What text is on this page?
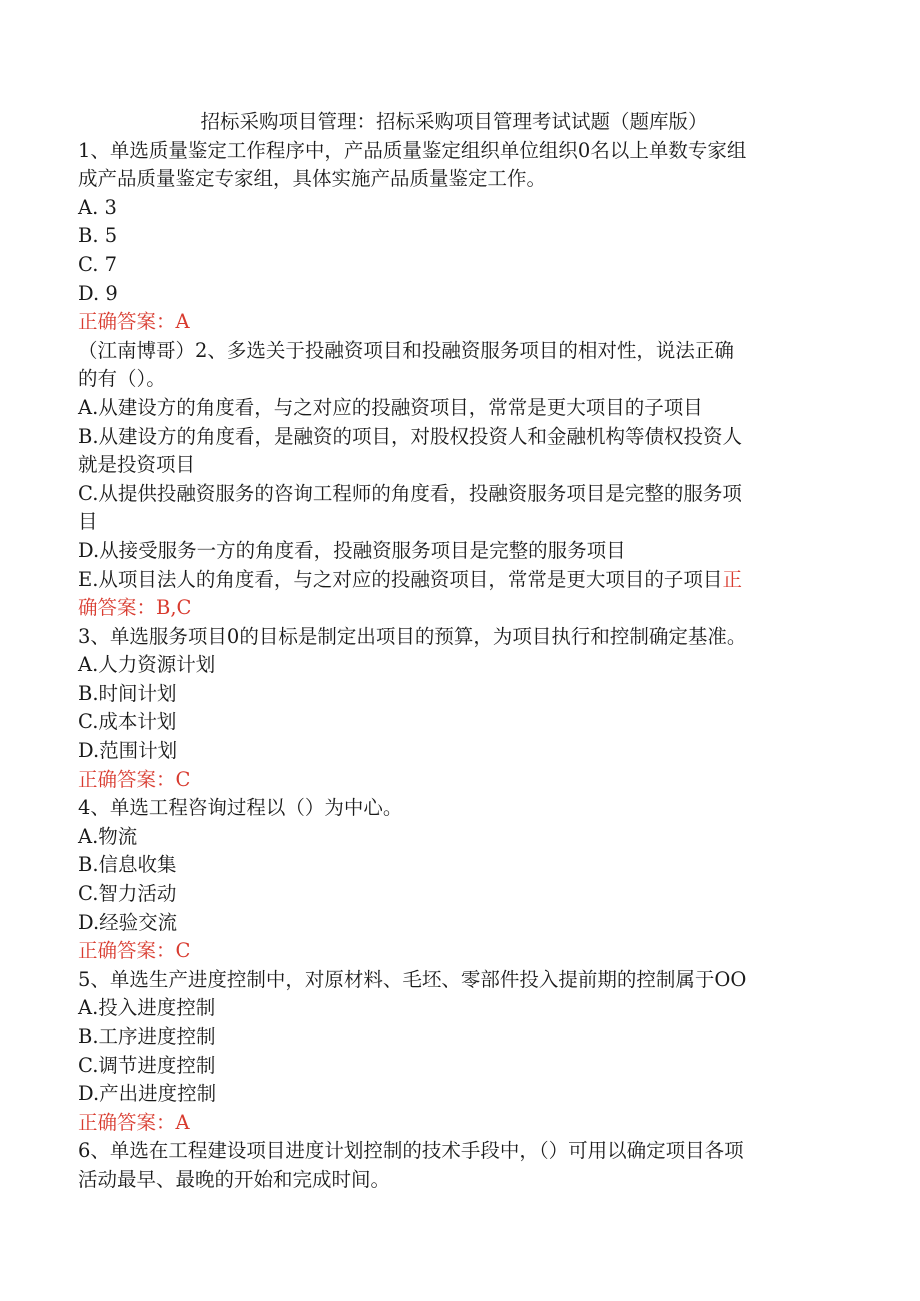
招标采购项目管理：招标采购项目管理考试试题（题库版）

1、单选质量鉴定工作程序中，产品质量鉴定组织单位组织0名以上单数专家组

成产品质量鉴定专家组，具体实施产品质量鉴定工作。

A. 3

B. 5

C. 7

D. 9

正确答案：A

（江南博哥）2、多选关于投融资项目和投融资服务项目的相对性，说法正确

的有（）。

A.从建设方的角度看，与之对应的投融资项目，常常是更大项目的子项目

B.从建设方的角度看，是融资的项目，对股权投资人和金融机构等债权投资人

就是投资项目

C.从提供投融资服务的咨询工程师的角度看，投融资服务项目是完整的服务项

目

D.从接受服务一方的角度看，投融资服务项目是完整的服务项目

E.从项目法人的角度看，与之对应的投融资项目，常常是更大项目的子项目正

确答案：B,C

3、单选服务项目0的目标是制定出项目的预算，为项目执行和控制确定基准。

A.人力资源计划

B.时间计划

C.成本计划

D.范围计划

正确答案：C

4、单选工程咨询过程以（）为中心。

A.物流

B.信息收集

C.智力活动

D.经验交流

正确答案：C

5、单选生产进度控制中，对原材料、毛坯、零部件投入提前期的控制属于OO

A.投入进度控制

B.工序进度控制

C.调节进度控制

D.产出进度控制

正确答案：A

6、单选在工程建设项目进度计划控制的技术手段中，（）可用以确定项目各项

活动最早、最晚的开始和完成时间。
